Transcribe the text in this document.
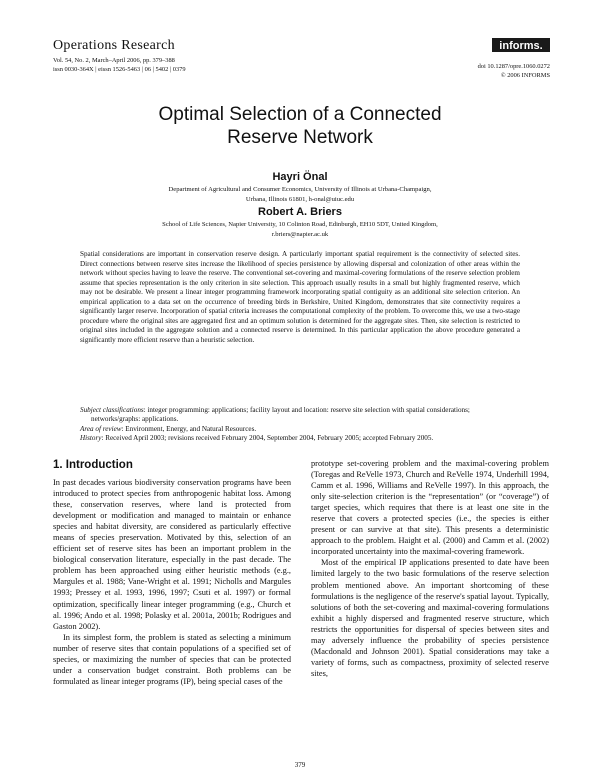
Operations Research
Vol. 54, No. 2, March–April 2006, pp. 379–388
issn 0030-364X | eissn 1526-5463 | 06 | 5402 | 0379
informs.
doi 10.1287/opre.1060.0272
© 2006 INFORMS
Optimal Selection of a Connected
Reserve Network
Hayri Önal
Department of Agricultural and Consumer Economics, University of Illinois at Urbana-Champaign,
Urbana, Illinois 61801, h-onal@uiuc.edu
Robert A. Briers
School of Life Sciences, Napier University, 10 Colinton Road, Edinburgh, EH10 5DT, United Kingdom,
r.briers@napier.ac.uk
Spatial considerations are important in conservation reserve design. A particularly important spatial requirement is the connectivity of selected sites. Direct connections between reserve sites increase the likelihood of species persistence by allowing dispersal and colonization of other areas within the network without species having to leave the reserve. The conventional set-covering and maximal-covering formulations of the reserve selection problem assume that species representation is the only criterion in site selection. This approach usually results in a small but highly fragmented reserve, which may not be desirable. We present a linear integer programming framework incorporating spatial contiguity as an additional site selection criterion. An empirical application to a data set on the occurrence of breeding birds in Berkshire, United Kingdom, demonstrates that site connectivity requires a significantly larger reserve. Incorporation of spatial criteria increases the computational complexity of the problem. To overcome this, we use a two-stage procedure where the original sites are aggregated first and an optimum solution is determined for the aggregate sites. Then, site selection is restricted to original sites included in the aggregate solution and a connected reserve is determined. In this particular application the above procedure generated a significantly more efficient reserve than a heuristic selection.

Subject classifications: integer programming: applications; facility layout and location: reserve site selection with spatial considerations; networks/graphs: applications.

Area of review: Environment, Energy, and Natural Resources.

History: Received April 2003; revisions received February 2004, September 2004, February 2005; accepted February 2005.

1. Introduction

In past decades various biodiversity conservation programs have been introduced to protect species from anthropogenic habitat loss. Among these, conservation reserves, where land is protected from development or modification and managed to maintain or enhance species and habitat diversity, are considered as particularly effective means of species preservation. Motivated by this, selection of an efficient set of reserve sites has been an important problem in the biological conservation literature, especially in the past decade. The problem has been approached using either heuristic methods (e.g., Margules et al. 1988; Vane-Wright et al. 1991; Nicholls and Margules 1993; Pressey et al. 1993, 1996, 1997; Csuti et al. 1997) or formal optimization, specifically linear integer programming (e.g., Church et al. 1996; Ando et al. 1998; Polasky et al. 2001a, 2001b; Rodrigues and Gaston 2002).

In its simplest form, the problem is stated as selecting a minimum number of reserve sites that contain populations of a specified set of species, or maximizing the number of species that can be protected under a conservation budget constraint. Both problems can be formulated as linear integer programs (IP), being special cases of the

prototype set-covering problem and the maximal-covering problem (Toregas and ReVelle 1973, Church and ReVelle 1974, Underhill 1994, Camm et al. 1996, Williams and ReVelle 1997). In this approach, the only site-selection criterion is the “representation” (or “coverage”) of target species, which requires that there is at least one site in the reserve that covers a protected species (i.e., the species is either present or can survive at that site). This presents a deterministic approach to the problem. Haight et al. (2000) and Camm et al. (2002) incorporated uncertainty into the maximal-covering framework.

Most of the empirical IP applications presented to date have been limited largely to the two basic formulations of the reserve selection problem mentioned above. An important shortcoming of these formulations is the negligence of the reserve's spatial layout. Typically, solutions of both the set-covering and maximal-covering formulations exhibit a highly dispersed and fragmented reserve structure, which restricts the opportunities for dispersal of species between sites and may adversely influence the probability of species persistence (Macdonald and Johnson 2001). Spatial considerations may take a variety of forms, such as compactness, proximity of selected reserve sites,

379
